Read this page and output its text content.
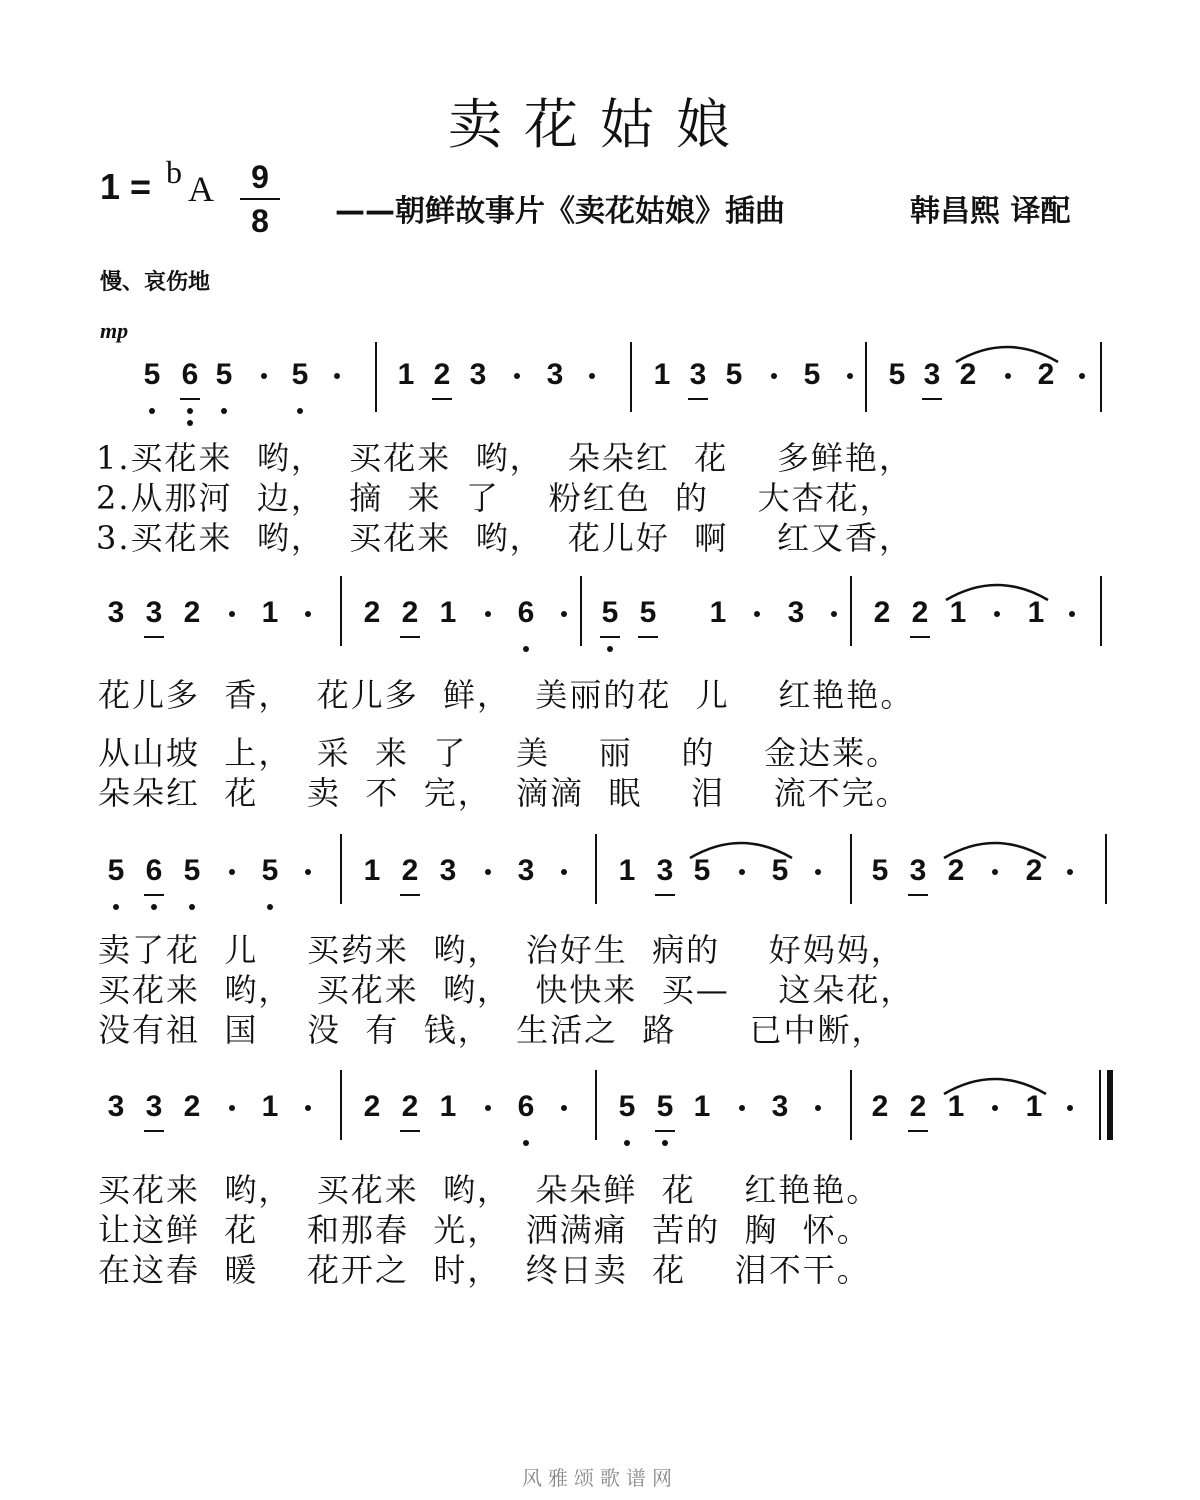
卖花姑娘
1 = b A	9
8	——朝鲜故事片《卖花姑娘》插曲	韩昌熙 译配
慢、哀伤地
mp
5 6 5 5	1 2 3 3	1 3 5 5 5 3 2 2
1.买花来  哟，  买花来  哟，  朵朵红  花    多鲜艳，
2.从那河  边，  摘  来  了    粉红色  的    大杏花，
3.买花来  哟，  买花来  哟，  花儿好  啊    红又香，
3 3 2 1	2 2 1 6 5 5 1 3 2 2 1 1
花儿多  香，  花儿多  鲜，  美丽的花  儿    红艳艳。
从山坡  上，  采  来  了    美    丽    的    金达莱。
朵朵红  花    卖  不  完，  滴滴  眠    泪    流不完。
5 6 5 5	1 2 3 3	1 3 5 5	5 3 2 2
卖了花  儿    买药来  哟，  治好生  病的    好妈妈，
买花来  哟，  买花来  哟，  快快来  买—    这朵花，
没有祖  国    没  有  钱，  生活之  路      已中断，
3 3 2 1	2 2 1 6	5 5 1 3	2 2 1 1
买花来  哟，  买花来  哟，  朵朵鲜  花    红艳艳。
让这鲜  花    和那春  光，  洒满痛  苦的  胸  怀。
在这春  暖    花开之  时，  终日卖  花    泪不干。
风雅颂歌谱网
